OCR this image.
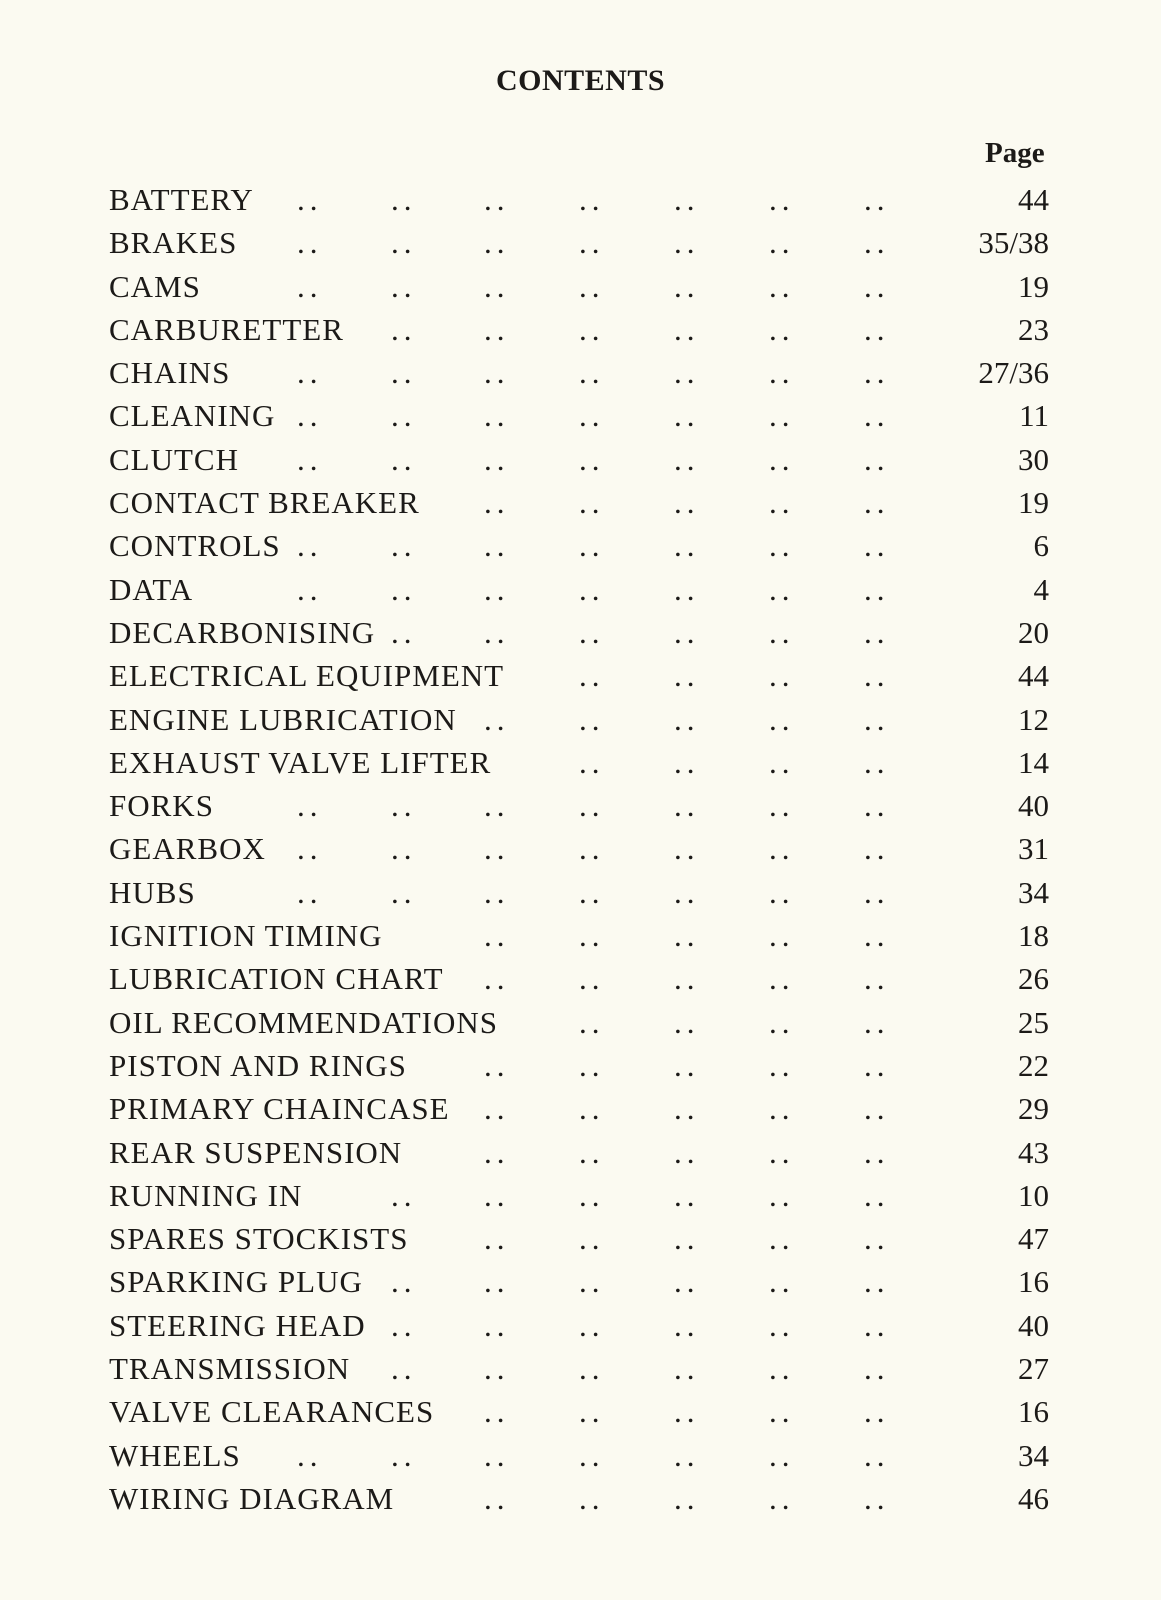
CONTENTS
Page
BATTERY .. .. .. .. .. .. ..	44
BRAKES .. .. .. .. .. .. ..	35/38
CAMS	.. .. .. .. .. .. ..	19
CARBURETTER .. .. .. .. .. ..	23
CHAINS .. .. .. .. .. .. ..	27/36
CLEANING .. .. .. .. .. .. ..	11
CLUTCH .. .. .. .. .. .. ..	30
CONTACT BREAKER .. .. .. .. ..	19
CONTROLS .. .. .. .. .. .. ..	6
DATA	.. .. .. .. .. .. ..	4
DECARBONISING .. .. .. .. .. ..	20
ELECTRICAL EQUIPMENT .. .. .. ..	44
ENGINE LUBRICATION .. .. .. .. ..	12
EXHAUST VALVE LIFTER	.. .. .. ..	14
FORKS	.. .. .. .. .. .. ..	40
GEARBOX .. .. .. .. .. .. ..	31
HUBS	.. .. .. .. .. .. ..	34
IGNITION TIMING	.. .. .. .. ..	18
LUBRICATION CHART .. .. .. .. ..	26
OIL RECOMMENDATIONS	.. .. .. ..	25
PISTON AND RINGS .. .. .. .. ..	22
PRIMARY CHAINCASE .. .. .. .. ..	29
REAR SUSPENSION	.. .. .. .. ..	43
RUNNING IN	.. .. .. .. .. ..	10
SPARES STOCKISTS .. .. .. .. ..	47
SPARKING PLUG .. .. .. .. .. ..	16
STEERING HEAD .. .. .. .. .. ..	40
TRANSMISSION .. .. .. .. .. ..	27
VALVE CLEARANCES .. .. .. .. ..	16
WHEELS .. .. .. .. .. .. ..	34
WIRING DIAGRAM	.. .. .. .. ..	46
